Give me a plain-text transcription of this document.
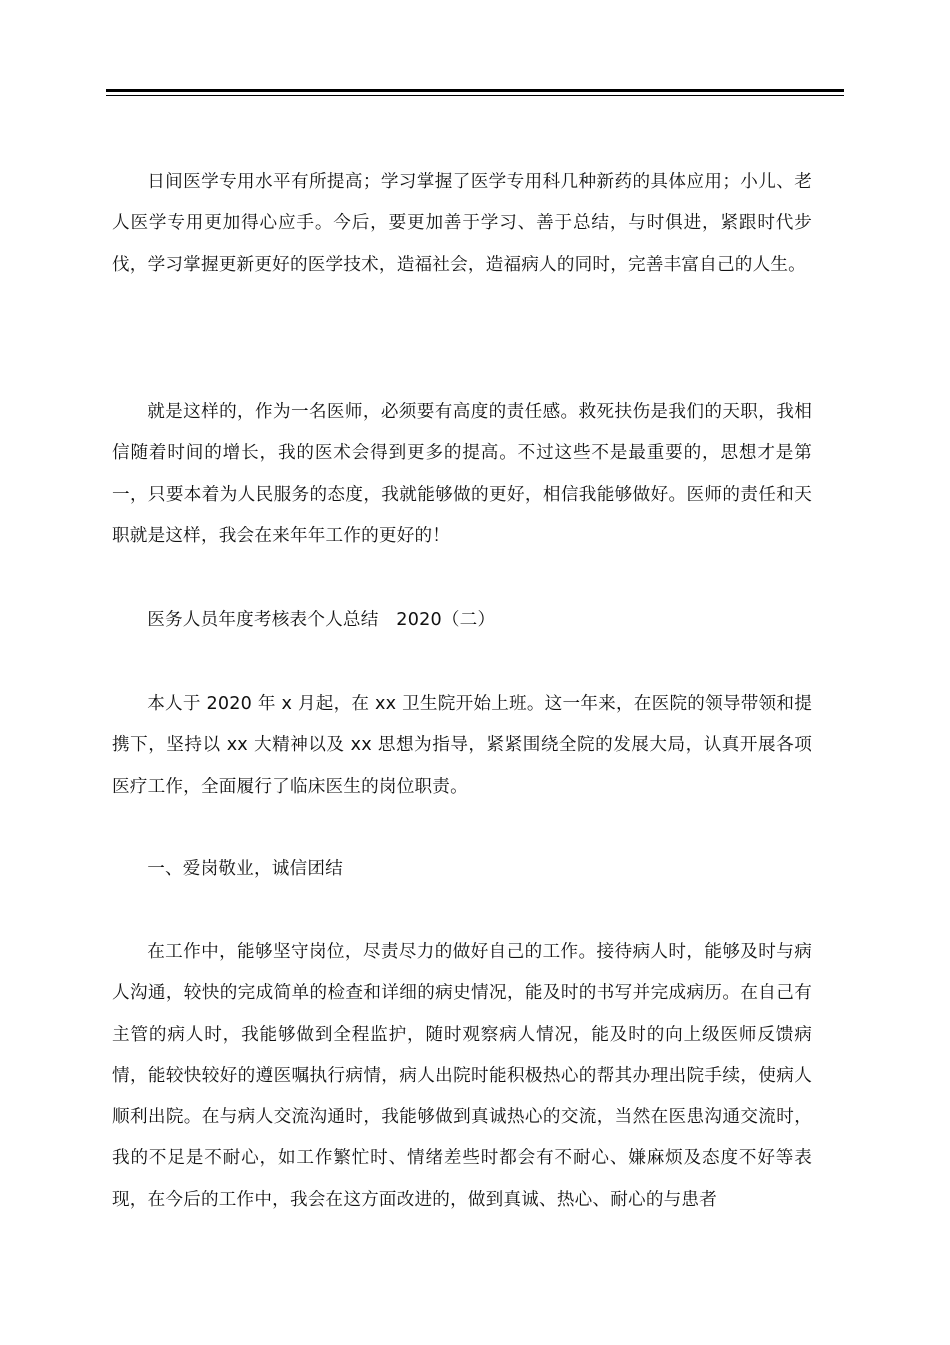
日间医学专用水平有所提高；学习掌握了医学专用科几种新药的具体应用；小儿、老人医学专用更加得心应手。今后，要更加善于学习、善于总结，与时俱进，紧跟时代步伐，学习掌握更新更好的医学技术，造福社会，造福病人的同时，完善丰富自己的人生。

就是这样的，作为一名医师，必须要有高度的责任感。救死扶伤是我们的天职，我相信随着时间的增长，我的医术会得到更多的提高。不过这些不是最重要的，思想才是第一，只要本着为人民服务的态度，我就能够做的更好，相信我能够做好。医师的责任和天职就是这样，我会在来年年工作的更好的！

医务人员年度考核表个人总结　2020（二）

本人于 2020 年 x 月起，在 xx 卫生院开始上班。这一年来，在医院的领导带领和提携下，坚持以 xx 大精神以及 xx 思想为指导，紧紧围绕全院的发展大局，认真开展各项医疗工作，全面履行了临床医生的岗位职责。

一、爱岗敬业，诚信团结

在工作中，能够坚守岗位，尽责尽力的做好自己的工作。接待病人时，能够及时与病人沟通，较快的完成简单的检查和详细的病史情况，能及时的书写并完成病历。在自己有主管的病人时，我能够做到全程监护，随时观察病人情况，能及时的向上级医师反馈病情，能较快较好的遵医嘱执行病情，病人出院时能积极热心的帮其办理出院手续，使病人顺利出院。在与病人交流沟通时，我能够做到真诚热心的交流，当然在医患沟通交流时，我的不足是不耐心，如工作繁忙时、情绪差些时都会有不耐心、嫌麻烦及态度不好等表现，在今后的工作中，我会在这方面改进的，做到真诚、热心、耐心的与患者
